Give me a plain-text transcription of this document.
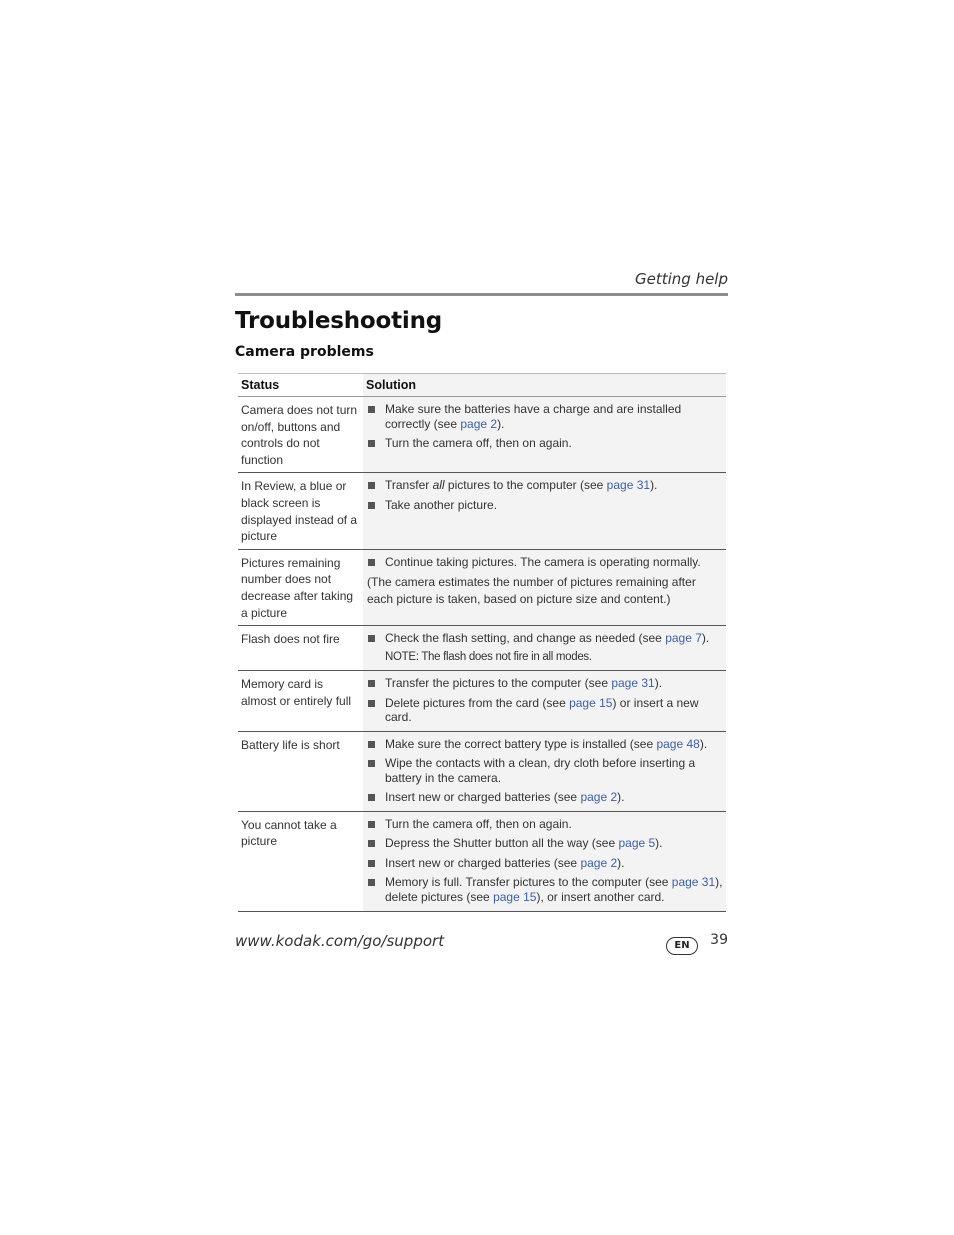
Getting help
Troubleshooting
Camera problems
Status	Solution
Camera does not turn on/off, buttons and controls do not function	Make sure the batteries have a charge and are installed correctly (see page 2).
Turn the camera off, then on again.

In Review, a blue or black screen is displayed instead of a picture	Transfer all pictures to the computer (see page 31).
Take another picture.

Pictures remaining number does not decrease after taking a picture	Continue taking pictures. The camera is operating normally.
(The camera estimates the number of pictures remaining after each picture is taken, based on picture size and content.)

Flash does not fire	Check the flash setting, and change as needed (see page 7).
NOTE: The flash does not fire in all modes.

Memory card is almost or entirely full	Transfer the pictures to the computer (see page 31).
Delete pictures from the card (see page 15) or insert a new card.

Battery life is short	Make sure the correct battery type is installed (see page 48).
Wipe the contacts with a clean, dry cloth before inserting a battery in the camera.
Insert new or charged batteries (see page 2).

You cannot take a picture	Turn the camera off, then on again.
Depress the Shutter button all the way (see page 5).
Insert new or charged batteries (see page 2).
Memory is full. Transfer pictures to the computer (see page 31), delete pictures (see page 15), or insert another card.
www.kodak.com/go/support	EN	39
